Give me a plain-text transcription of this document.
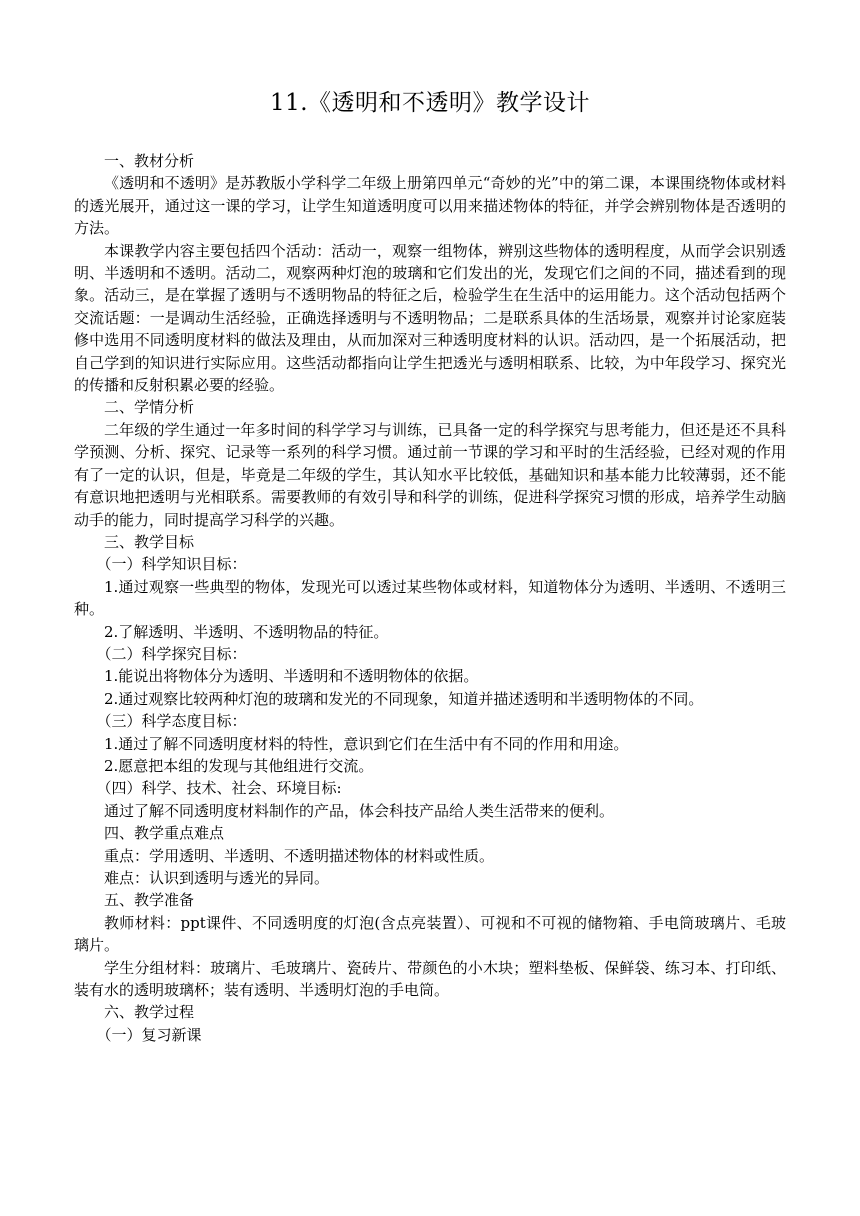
11.《透明和不透明》教学设计

一、教材分析

《透明和不透明》是苏教版小学科学二年级上册第四单元“奇妙的光”中的第二课，本课围绕物体或材料的透光展开，通过这一课的学习，让学生知道透明度可以用来描述物体的特征，并学会辨别物体是否透明的方法。

本课教学内容主要包括四个活动：活动一，观察一组物体，辨别这些物体的透明程度，从而学会识别透明、半透明和不透明。活动二，观察两种灯泡的玻璃和它们发出的光，发现它们之间的不同，描述看到的现象。活动三，是在掌握了透明与不透明物品的特征之后，检验学生在生活中的运用能力。这个活动包括两个交流话题：一是调动生活经验，正确选择透明与不透明物品；二是联系具体的生活场景，观察并讨论家庭装修中选用不同透明度材料的做法及理由，从而加深对三种透明度材料的认识。活动四，是一个拓展活动，把自己学到的知识进行实际应用。这些活动都指向让学生把透光与透明相联系、比较，为中年段学习、探究光的传播和反射积累必要的经验。

二、学情分析

二年级的学生通过一年多时间的科学学习与训练，已具备一定的科学探究与思考能力，但还是还不具科学预测、分析、探究、记录等一系列的科学习惯。通过前一节课的学习和平时的生活经验，已经对观的作用有了一定的认识，但是，毕竟是二年级的学生，其认知水平比较低，基础知识和基本能力比较薄弱，还不能有意识地把透明与光相联系。需要教师的有效引导和科学的训练，促进科学探究习惯的形成，培养学生动脑动手的能力，同时提高学习科学的兴趣。

三、教学目标

（一）科学知识目标：

1.通过观察一些典型的物体，发现光可以透过某些物体或材料，知道物体分为透明、半透明、不透明三种。

2.了解透明、半透明、不透明物品的特征。

（二）科学探究目标：

1.能说出将物体分为透明、半透明和不透明物体的依据。

2.通过观察比较两种灯泡的玻璃和发光的不同现象，知道并描述透明和半透明物体的不同。

（三）科学态度目标：

1.通过了解不同透明度材料的特性，意识到它们在生活中有不同的作用和用途。

2.愿意把本组的发现与其他组进行交流。

（四）科学、技术、社会、环境目标:

通过了解不同透明度材料制作的产品，体会科技产品给人类生活带来的便利。

四、教学重点难点

重点：学用透明、半透明、不透明描述物体的材料或性质。

难点：认识到透明与透光的异同。

五、教学准备

教师材料：ppt课件、不同透明度的灯泡(含点亮装置）、可视和不可视的储物箱、手电筒玻璃片、毛玻璃片。

学生分组材料：玻璃片、毛玻璃片、瓷砖片、带颜色的小木块；塑料垫板、保鲜袋、练习本、打印纸、装有水的透明玻璃杯；装有透明、半透明灯泡的手电筒。

六、教学过程

（一）复习新课
